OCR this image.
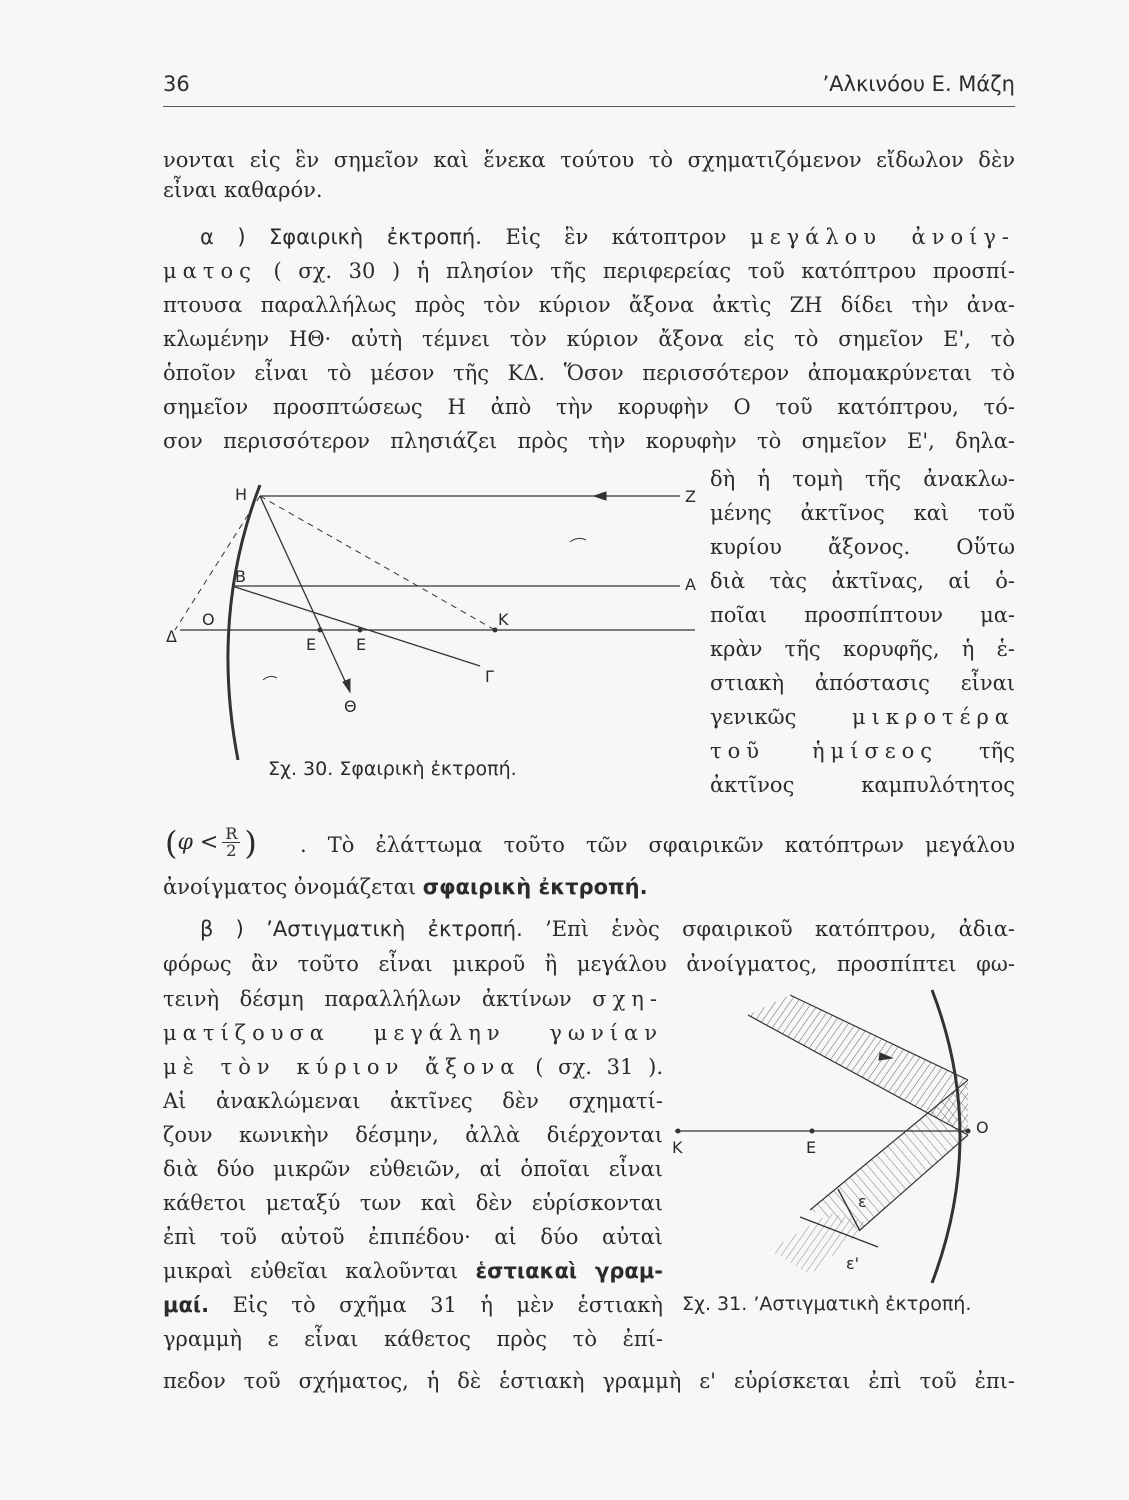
36	’Αλκινόου Ε. Μάζη
νονται εἰς ἓν σημεῖον καὶ ἕνεκα τούτου τὸ σχηματιζόμενον εἴδωλον δὲν
εἶναι καθαρόν.
α ) Σφαιρικὴ ἐκτροπή. Εἰς ἓν κάτοπτρον μεγάλου ἀνοίγ-
ματος ( σχ. 30 ) ἡ πλησίον τῆς περιφερείας τοῦ κατόπτρου προσπί-
πτουσα παραλλήλως πρὸς τὸν κύριον ἄξονα ἀκτὶς ΖΗ δίδει τὴν ἀνα-
κλωμένην ΗΘ· αὐτὴ τέμνει τὸν κύριον ἄξονα εἰς τὸ σημεῖον Ε', τὸ
ὁποῖον εἶναι τὸ μέσον τῆς ΚΔ. Ὅσον περισσότερον ἀπομακρύνεται τὸ
σημεῖον προσπτώσεως Η ἀπὸ τὴν κορυφὴν Ο τοῦ κατόπτρου, τό-
σον περισσότερον πλησιάζει πρὸς τὴν κορυφὴν τὸ σημεῖον Ε', δηλα-
δὴ ἡ τομὴ τῆς ἀνακλω-
μένης ἀκτῖνος καὶ τοῦ
κυρίου ἄξονος. Οὕτω
διὰ τὰς ἀκτῖνας, αἱ ὁ-
ποῖαι προσπίπτουν μα-
κρὰν τῆς κορυφῆς, ἡ ἑ-
στιακὴ ἀπόστασις εἶναι
γενικῶς	μικροτέρα
τοῦ ἡμίσεος τῆς
ἀκτῖνος καμπυλότητος
H	Z
B	A
O	K
Δ	E E
Γ
Θ
Σχ. 30. Σφαιρικὴ ἐκτροπή.
( $\varphi < \frac{R}{2}$ ) . Τὸ ἐλάττωμα τοῦτο τῶν σφαιρικῶν κατόπτρων μεγάλου
ἀνοίγματος ὀνομάζεται σφαιρικὴ ἐκτροπή.
β ) ’Αστιγματικὴ ἐκτροπή. ’Επὶ ἑνὸς σφαιρικοῦ κατόπτρου, ἀδια-
φόρως ἂν τοῦτο εἶναι μικροῦ ἢ μεγάλου ἀνοίγματος, προσπίπτει φω-
τεινὴ δέσμη παραλλήλων ἀκτίνων σχη-
ματίζουσα μεγάλην γωνίαν
μὲ τὸν κύριον ἄξονα ( σχ. 31 ).
Αἱ ἀνακλώμεναι ἀκτῖνες δὲν σχηματί-
ζουν κωνικὴν δέσμην, ἀλλὰ διέρχονται
διὰ δύο μικρῶν εὐθειῶν, αἱ ὁποῖαι εἶναι
κάθετοι μεταξύ των καὶ δὲν εὑρίσκονται
ἐπὶ τοῦ αὐτοῦ ἐπιπέδου· αἱ δύο αὐταὶ
μικραὶ εὐθεῖαι καλοῦνται ἑστιακαὶ γραμ-
μαί. Εἰς τὸ σχῆμα 31 ἡ μὲν ἑστιακὴ
γραμμὴ ε εἶναι κάθετος πρὸς τὸ ἐπί-
πεδον τοῦ σχήματος, ἡ δὲ ἑστιακὴ γραμμὴ ε' εὑρίσκεται ἐπὶ τοῦ ἐπι-
K	E
O
ε
ε'
Σχ. 31. ’Αστιγματικὴ ἐκτροπή.
